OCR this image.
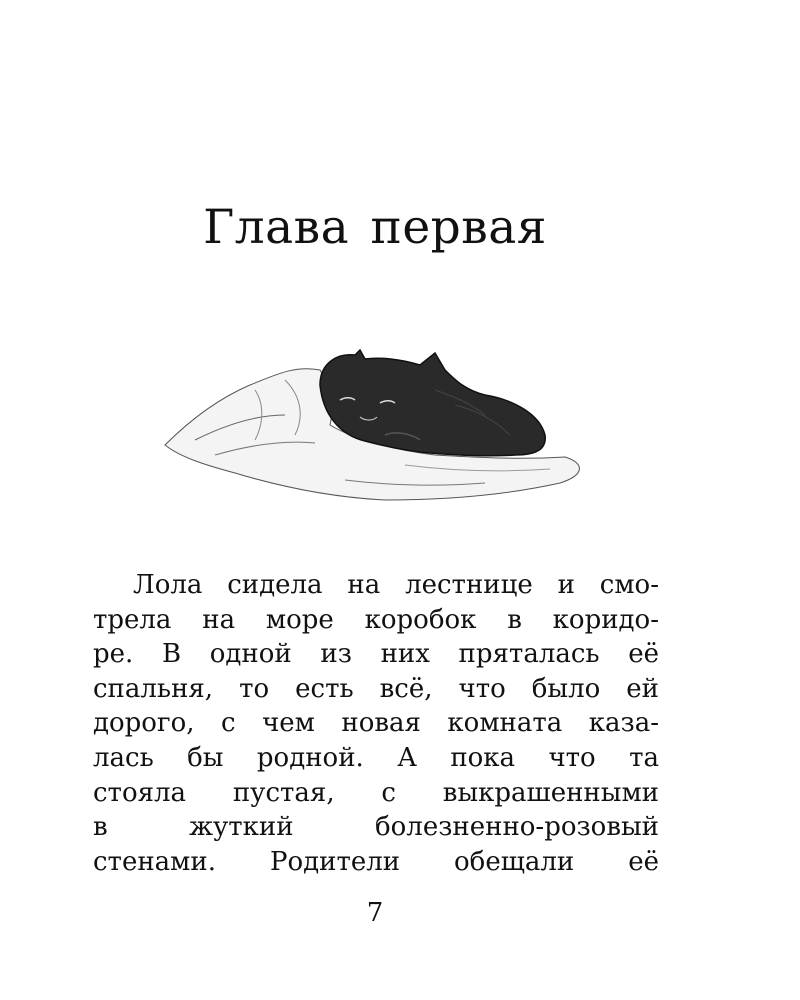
Глава первая
Лола сидела на лестнице и смо-
трела на море коробок в коридо-
ре. В одной из них пряталась её
спальня, то есть всё, что было ей
дорого, с чем новая комната каза-
лась бы родной. А пока что та
стояла пустая, с выкрашенными
в жуткий болезненно-розовый
стенами. Родители обещали её
7
